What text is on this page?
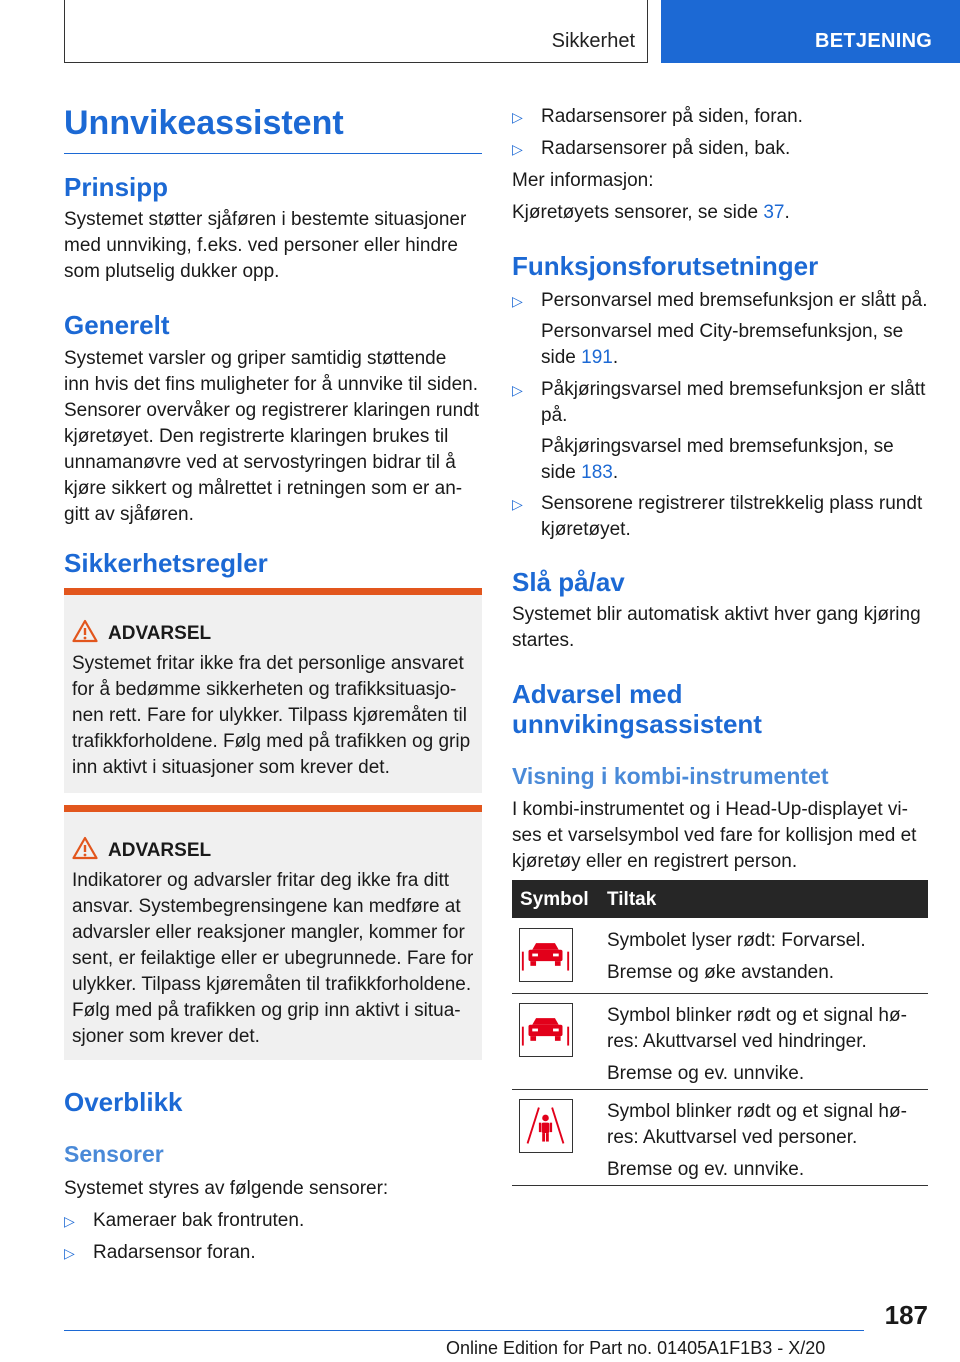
Sikkerhet	BETJENING
Unnvikeassistent
Prinsipp

Systemet støtter sjåføren i bestemte situasjoner

med unnviking, f.eks. ved personer eller hindre

som plutselig dukker opp.

Generelt

Systemet varsler og griper samtidig støttende

inn hvis det fins muligheter for å unnvike til siden.

Sensorer overvåker og registrerer klaringen rundt

kjøretøyet. Den registrerte klaringen brukes til

unnamanøvre ved at servostyringen bidrar til å

kjøre sikkert og målrettet i retningen som er an-

gitt av sjåføren.

Sikkerhetsregler
ADVARSEL

Systemet fritar ikke fra det personlige ansvaret

for å bedømme sikkerheten og trafikksituasjo-

nen rett. Fare for ulykker. Tilpass kjøremåten til

trafikkforholdene. Følg med på trafikken og grip

inn aktivt i situasjoner som krever det.

ADVARSEL

Indikatorer og advarsler fritar deg ikke fra ditt

ansvar. Systembegrensingene kan medføre at

advarsler eller reaksjoner mangler, kommer for

sent, er feilaktige eller er ubegrunnede. Fare for

ulykker. Tilpass kjøremåten til trafikkforholdene.

Følg med på trafikken og grip inn aktivt i situa-

sjoner som krever det.

Overblikk
Sensorer

Systemet styres av følgende sensorer:

▷ Kameraer bak frontruten.
▷ Radarsensor foran.
▷ Radarsensorer på siden, foran.
▷ Radarsensorer på siden, bak.

Mer informasjon:

Kjøretøyets sensorer, se side 37.

Funksjonsforutsetninger
▷ Personvarsel med bremsefunksjon er slått på.

Personvarsel med City-bremsefunksjon, se

side 191.

▷ Påkjøringsvarsel med bremsefunksjon er slått

på.

Påkjøringsvarsel med bremsefunksjon, se

side 183.

▷ Sensorene registrerer tilstrekkelig plass rundt

kjøretøyet.

Slå på/av

Systemet blir automatisk aktivt hver gang kjøring

startes.

Advarsel med
unnvikingsassistent
Visning i kombi-instrumentet

I kombi-instrumentet og i Head-Up-displayet vi-

ses et varselsymbol ved fare for kollisjon med et

kjøretøy eller en registrert person.

Symbol Tiltak

Symbolet lyser rødt: Forvarsel.

Bremse og øke avstanden.

Symbol blinker rødt og et signal hø-

res: Akuttvarsel ved hindringer.

Bremse og ev. unnvike.

Symbol blinker rødt og et signal hø-

res: Akuttvarsel ved personer.

Bremse og ev. unnvike.

187
Online Edition for Part no. 01405A1F1B3 - X/20
